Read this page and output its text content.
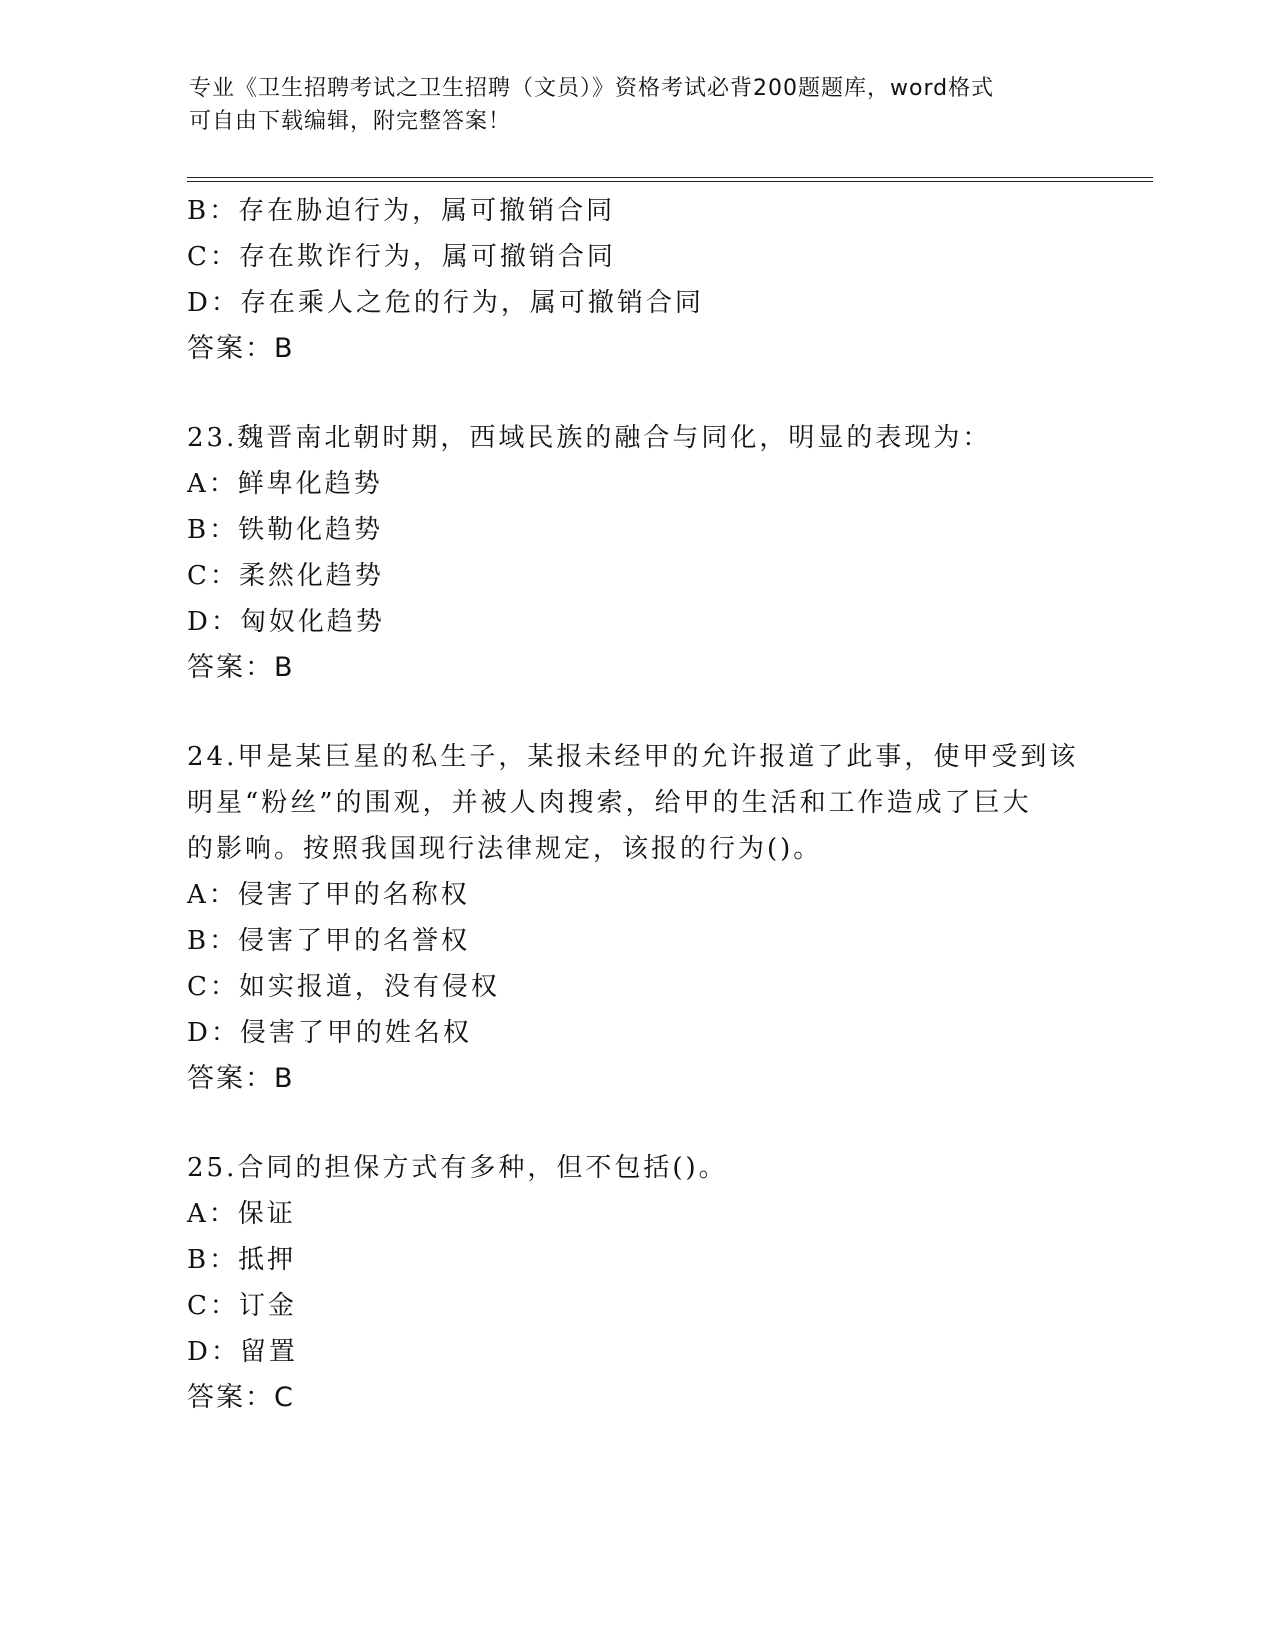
专业《卫生招聘考试之卫生招聘（文员）》资格考试必背200题题库，word格式
可自由下载编辑，附完整答案！
B：存在胁迫行为，属可撤销合同
C：存在欺诈行为，属可撤销合同
D：存在乘人之危的行为，属可撤销合同
答案：B
23.魏晋南北朝时期，西域民族的融合与同化，明显的表现为：
A：鲜卑化趋势
B：铁勒化趋势
C：柔然化趋势
D：匈奴化趋势
答案：B
24.甲是某巨星的私生子，某报未经甲的允许报道了此事，使甲受到该
明星“粉丝”的围观，并被人肉搜索，给甲的生活和工作造成了巨大
的影响。按照我国现行法律规定，该报的行为()。
A：侵害了甲的名称权
B：侵害了甲的名誉权
C：如实报道，没有侵权
D：侵害了甲的姓名权
答案：B
25.合同的担保方式有多种，但不包括()。
A：保证
B：抵押
C：订金
D：留置
答案：C
